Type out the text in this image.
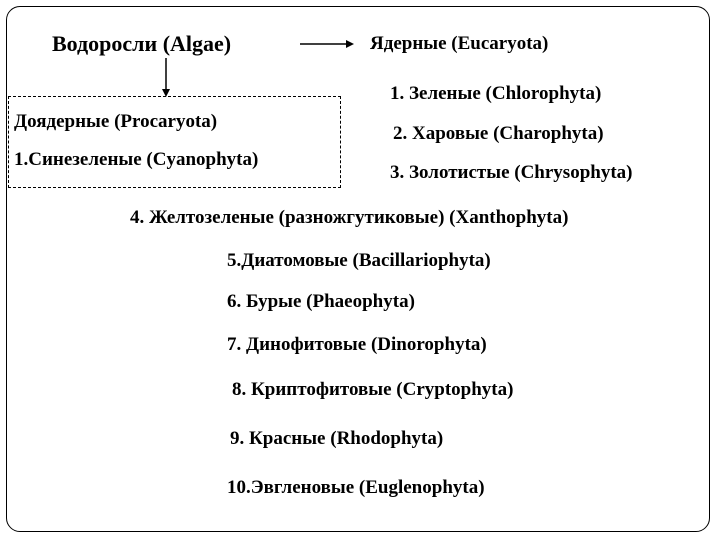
Водоросли (Algae)	Ядерные (Eucaryota)
Доядерные (Procaryota)
1.Синезеленые (Cyanophyta)
1. Зеленые (Chlorophyta)
2. Харовые (Charophyta)
3. Золотистые (Chrysophyta)
4. Желтозеленые (разножгутиковые) (Xanthophyta)
5.Диатомовые (Bacillariophyta)
6. Бурые (Phaeophyta)
7. Динофитовые (Dinorophyta)
8. Криптофитовые (Cryptophyta)
9. Красные (Rhodophyta)
10.Эвгленовые (Euglenophyta)
